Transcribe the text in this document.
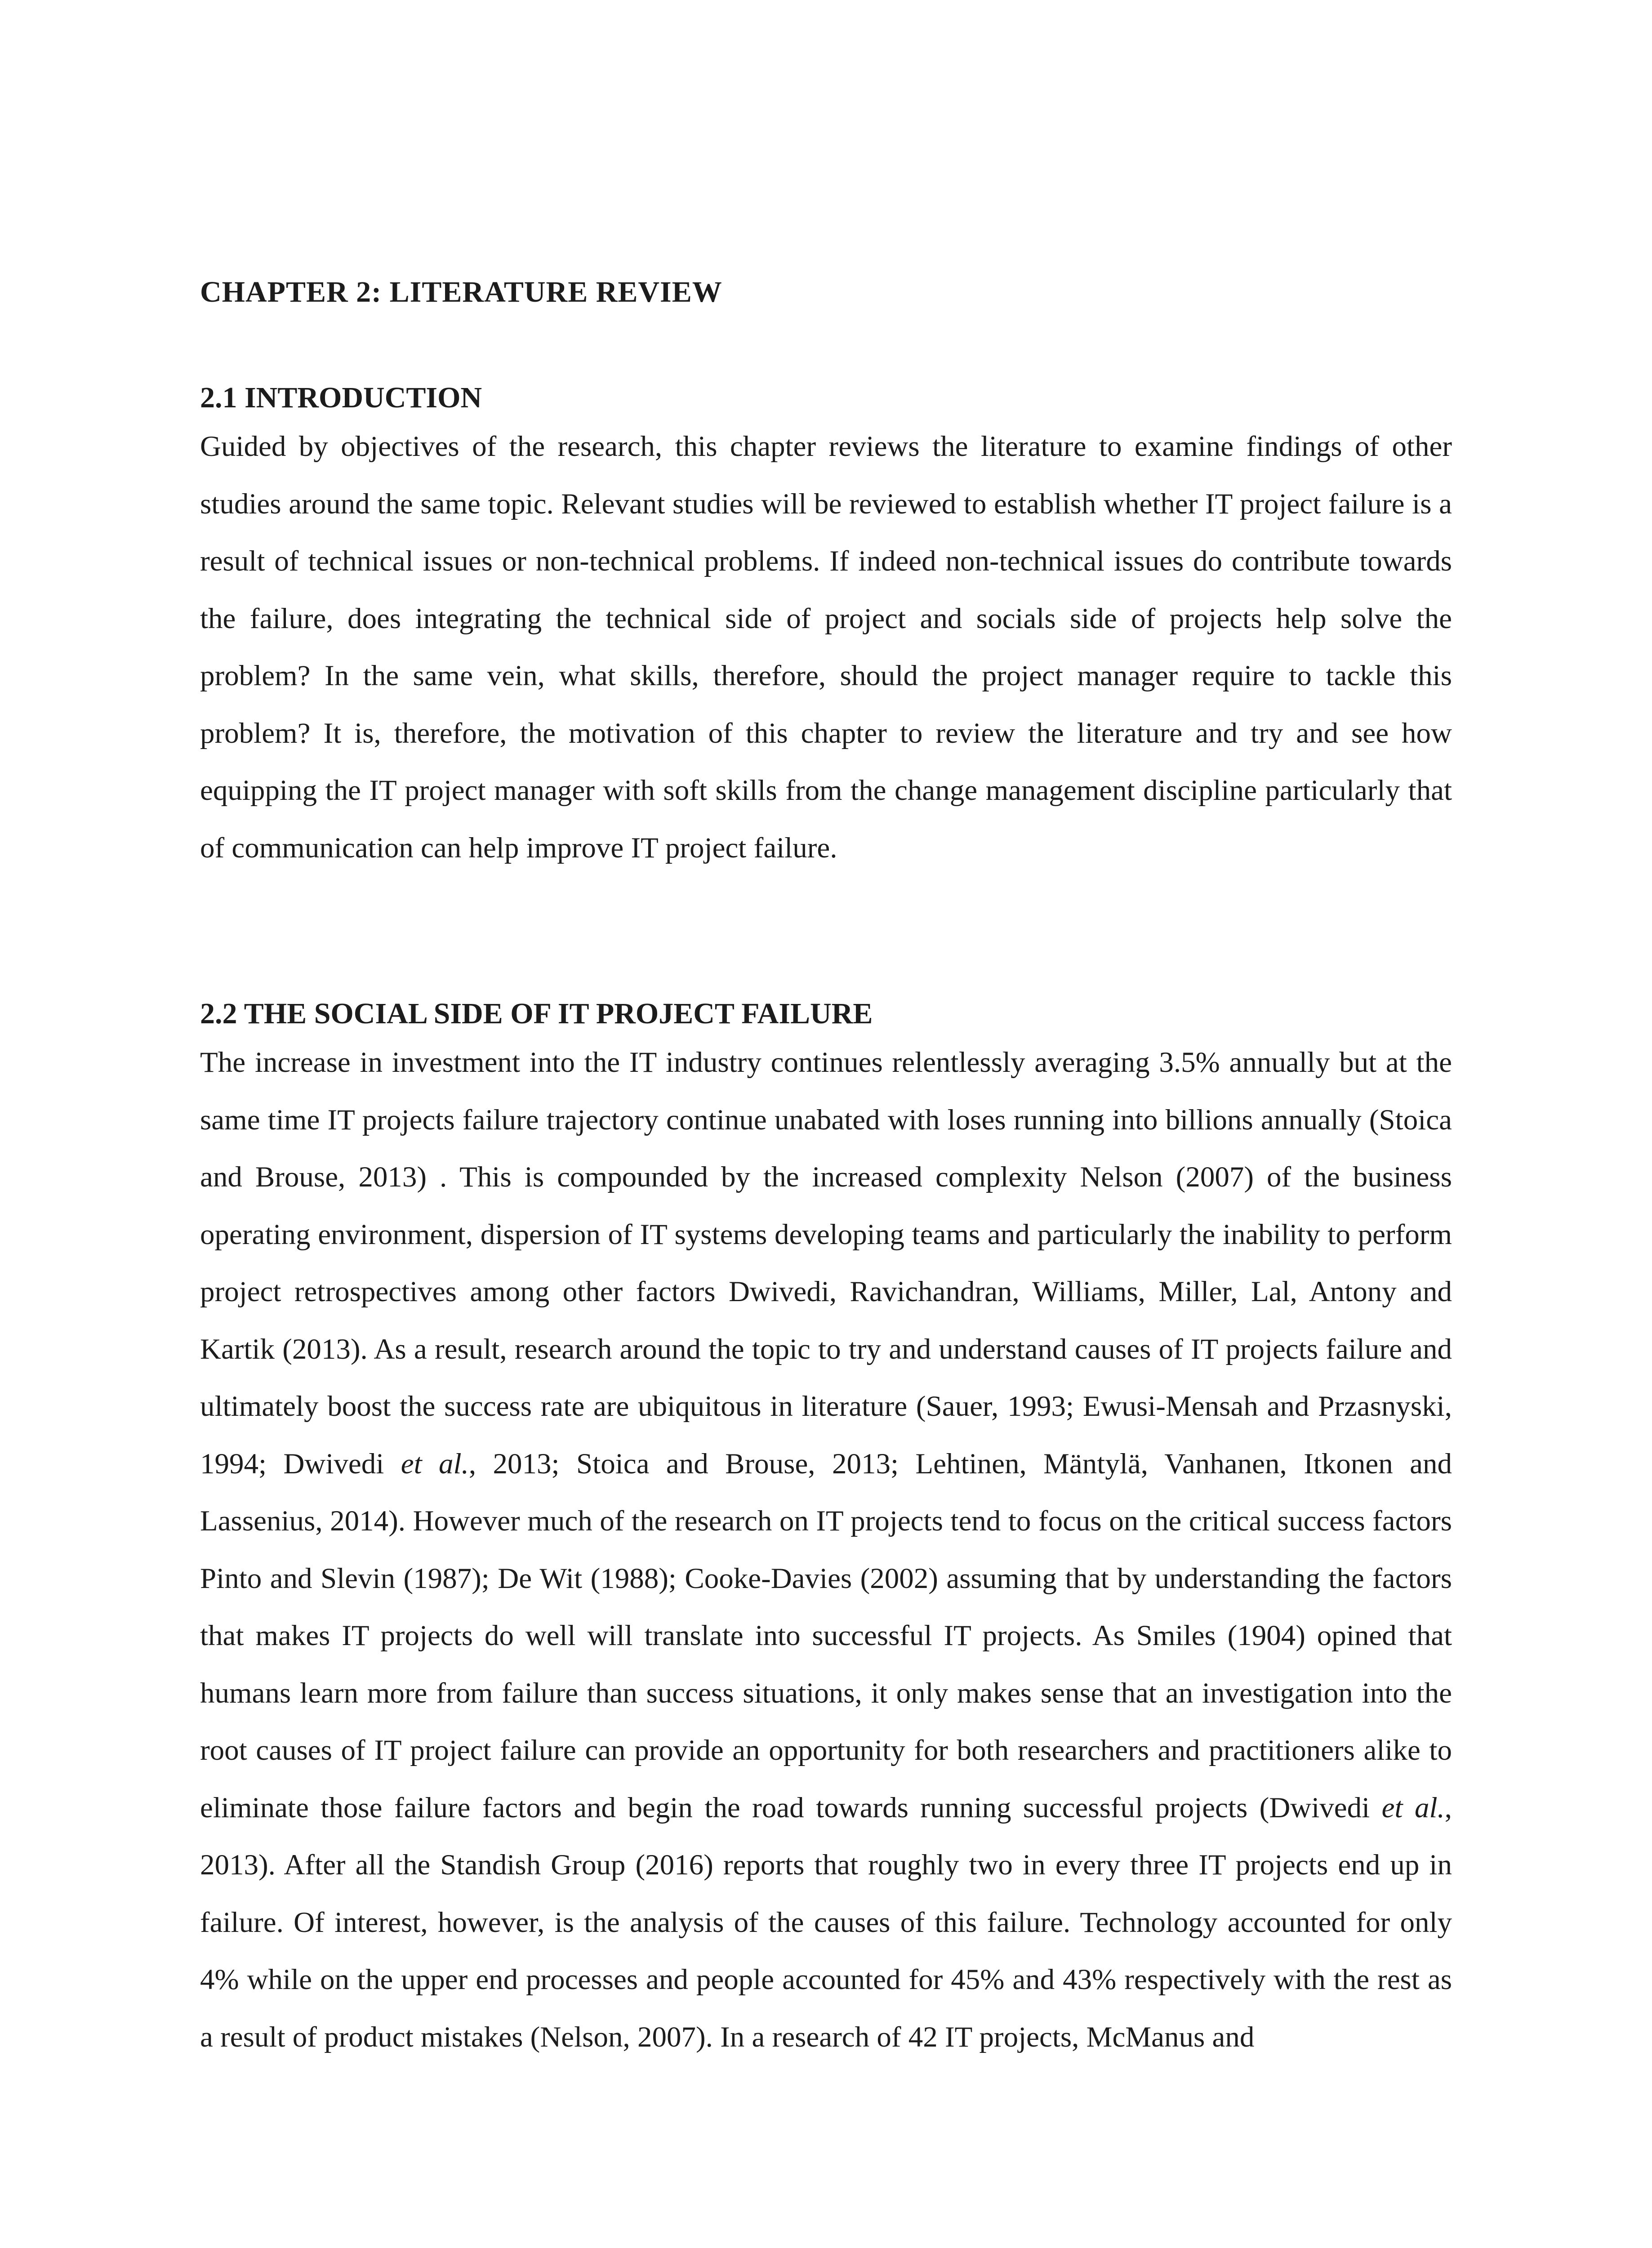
CHAPTER 2: LITERATURE REVIEW
2.1 INTRODUCTION

Guided by objectives of the research, this chapter reviews the literature to examine findings of other studies around the same topic. Relevant studies will be reviewed to establish whether IT project failure is a result of technical issues or non-technical problems. If indeed non-technical issues do contribute towards the failure, does integrating the technical side of project and socials side of projects help solve the problem? In the same vein, what skills, therefore, should the project manager require to tackle this problem? It is, therefore, the motivation of this chapter to review the literature and try and see how equipping the IT project manager with soft skills from the change management discipline particularly that of communication can help improve IT project failure.

2.2 THE SOCIAL SIDE OF IT PROJECT FAILURE

The increase in investment into the IT industry continues relentlessly averaging 3.5% annually but at the same time IT projects failure trajectory continue unabated with loses running into billions annually (Stoica and Brouse, 2013) . This is compounded by the increased complexity Nelson (2007) of the business operating environment, dispersion of IT systems developing teams and particularly the inability to perform project retrospectives among other factors Dwivedi, Ravichandran, Williams, Miller, Lal, Antony and Kartik (2013). As a result, research around the topic to try and understand causes of IT projects failure and ultimately boost the success rate are ubiquitous in literature (Sauer, 1993; Ewusi-Mensah and Przasnyski, 1994; Dwivedi et al., 2013; Stoica and Brouse, 2013; Lehtinen, Mäntylä, Vanhanen, Itkonen and Lassenius, 2014). However much of the research on IT projects tend to focus on the critical success factors Pinto and Slevin (1987); De Wit (1988); Cooke-Davies (2002) assuming that by understanding the factors that makes IT projects do well will translate into successful IT projects. As Smiles (1904) opined that humans learn more from failure than success situations, it only makes sense that an investigation into the root causes of IT project failure can provide an opportunity for both researchers and practitioners alike to eliminate those failure factors and begin the road towards running successful projects (Dwivedi et al., 2013). After all the Standish Group (2016) reports that roughly two in every three IT projects end up in failure. Of interest, however, is the analysis of the causes of this failure. Technology accounted for only 4% while on the upper end processes and people accounted for 45% and 43% respectively with the rest as a result of product mistakes (Nelson, 2007). In a research of 42 IT projects, McManus and
